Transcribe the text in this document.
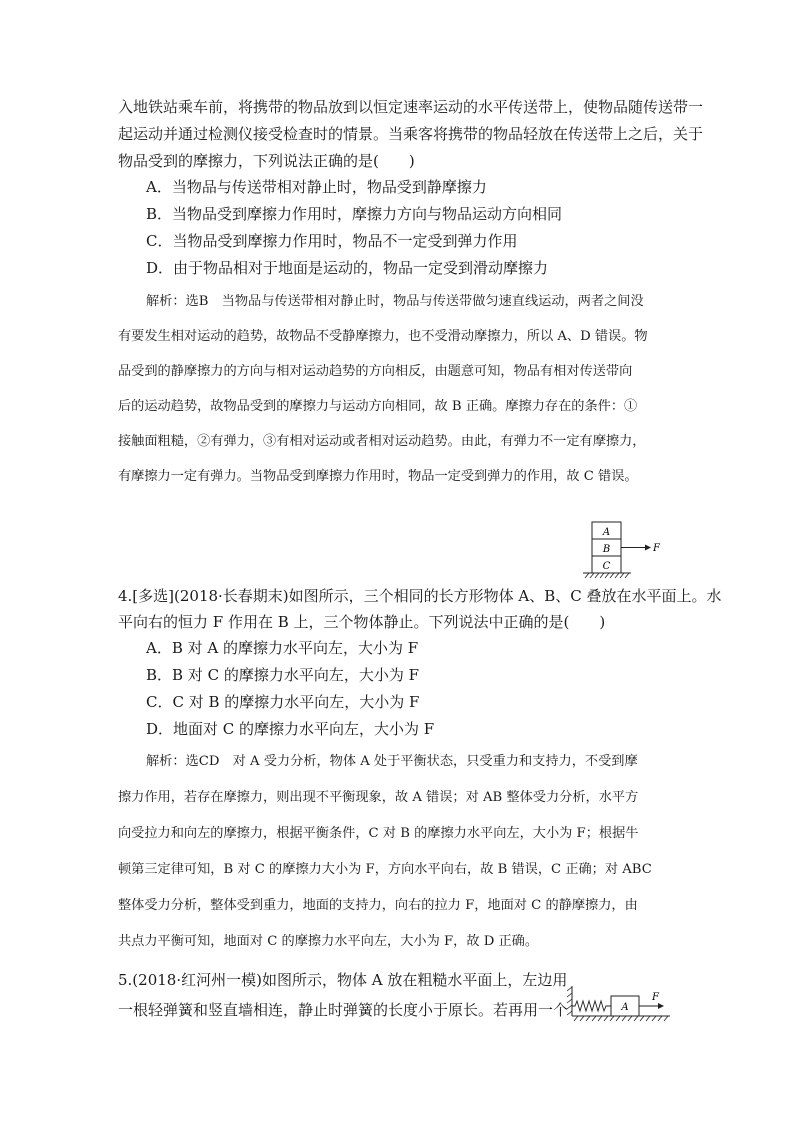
入地铁站乘车前，将携带的物品放到以恒定速率运动的水平传送带上，使物品随传送带一
起运动并通过检测仪接受检查时的情景。当乘客将携带的物品轻放在传送带上之后，关于
物品受到的摩擦力，下列说法正确的是(　　)
A．当物品与传送带相对静止时，物品受到静摩擦力
B．当物品受到摩擦力作用时，摩擦力方向与物品运动方向相同
C．当物品受到摩擦力作用时，物品不一定受到弹力作用
D．由于物品相对于地面是运动的，物品一定受到滑动摩擦力
解析：选B　当物品与传送带相对静止时，物品与传送带做匀速直线运动，两者之间没
有要发生相对运动的趋势，故物品不受静摩擦力，也不受滑动摩擦力，所以 A、D 错误。物
品受到的静摩擦力的方向与相对运动趋势的方向相反，由题意可知，物品有相对传送带向
后的运动趋势，故物品受到的摩擦力与运动方向相同，故 B 正确。摩擦力存在的条件：①
接触面粗糙，②有弹力，③有相对运动或者相对运动趋势。由此，有弹力不一定有摩擦力，
有摩擦力一定有弹力。当物品受到摩擦力作用时，物品一定受到弹力的作用，故 C 错误。
A
B
C
F
4.[多选](2018·长春期末)如图所示，三个相同的长方形物体 A、B、C 叠放在水平面上。水
平向右的恒力 F 作用在 B 上，三个物体静止。下列说法中正确的是(　　)
A．B 对 A 的摩擦力水平向左，大小为 F
B．B 对 C 的摩擦力水平向左，大小为 F
C．C 对 B 的摩擦力水平向左，大小为 F
D．地面对 C 的摩擦力水平向左，大小为 F
解析：选CD　对 A 受力分析，物体 A 处于平衡状态，只受重力和支持力，不受到摩
擦力作用，若存在摩擦力，则出现不平衡现象，故 A 错误；对 AB 整体受力分析，水平方
向受拉力和向左的摩擦力，根据平衡条件，C 对 B 的摩擦力水平向左，大小为 F；根据牛
顿第三定律可知，B 对 C 的摩擦力大小为 F，方向水平向右，故 B 错误，C 正确；对 ABC
整体受力分析，整体受到重力，地面的支持力，向右的拉力 F，地面对 C 的静摩擦力，由
共点力平衡可知，地面对 C 的摩擦力水平向左，大小为 F，故 D 正确。
5.(2018·红河州一模)如图所示，物体 A 放在粗糙水平面上，左边用
一根轻弹簧和竖直墙相连，静止时弹簧的长度小于原长。若再用一个	A
F
